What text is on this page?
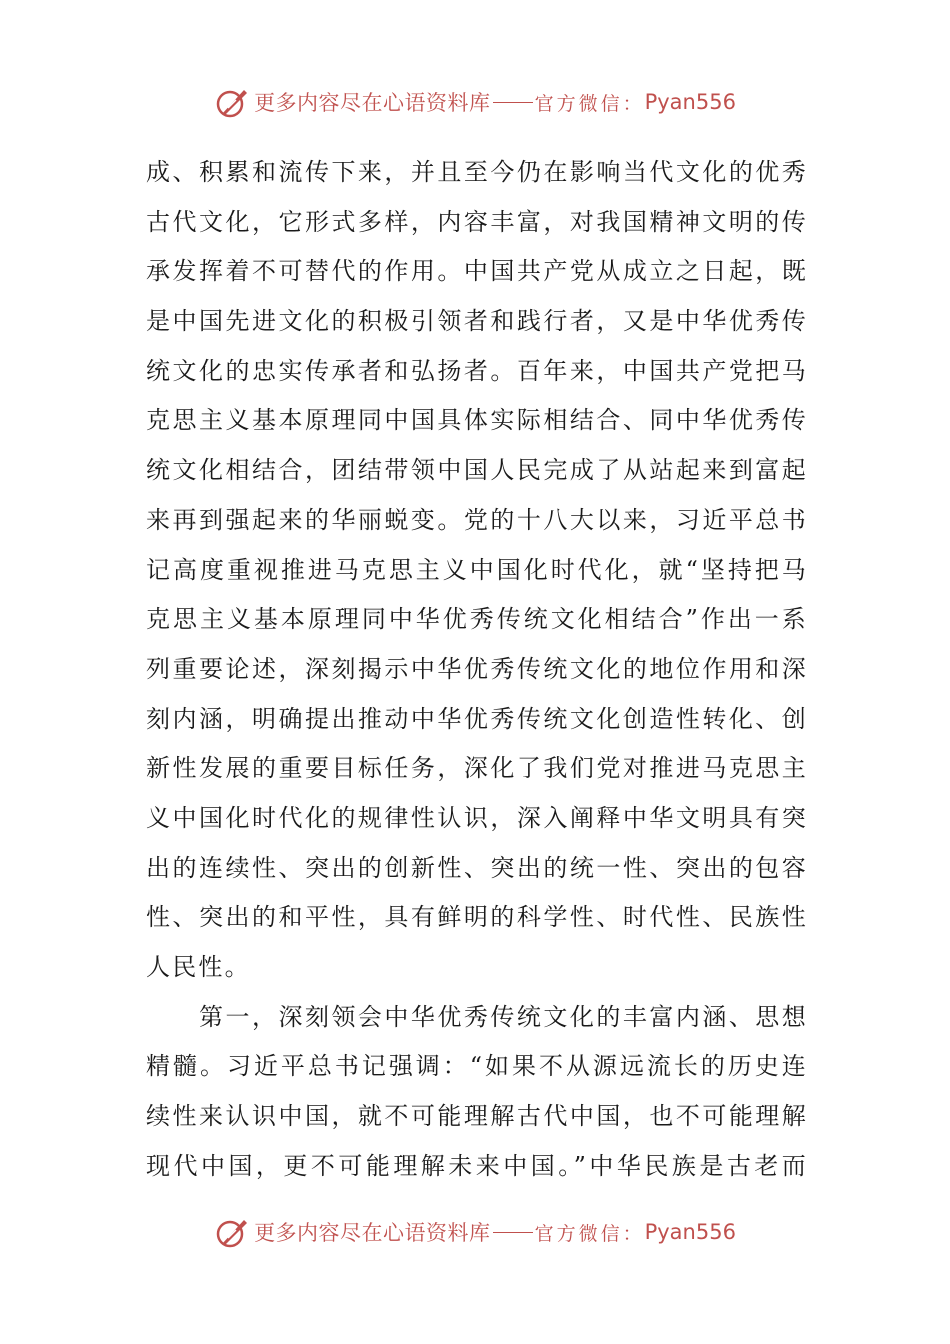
更多内容尽在心语资料库 官方微信： Pyan556
成、积累和流传下来，并且至今仍在影响当代文化的优秀
古代文化，它形式多样，内容丰富，对我国精神文明的传
承发挥着不可替代的作用。中国共产党从成立之日起，既
是中国先进文化的积极引领者和践行者，又是中华优秀传
统文化的忠实传承者和弘扬者。百年来，中国共产党把马
克思主义基本原理同中国具体实际相结合、同中华优秀传
统文化相结合，团结带领中国人民完成了从站起来到富起
来再到强起来的华丽蜕变。党的十八大以来，习近平总书
记高度重视推进马克思主义中国化时代化，就“坚持把马
克思主义基本原理同中华优秀传统文化相结合”作出一系
列重要论述，深刻揭示中华优秀传统文化的地位作用和深
刻内涵，明确提出推动中华优秀传统文化创造性转化、创
新性发展的重要目标任务，深化了我们党对推进马克思主
义中国化时代化的规律性认识，深入阐释中华文明具有突
出的连续性、突出的创新性、突出的统一性、突出的包容
性、突出的和平性，具有鲜明的科学性、时代性、民族性
人民性。
　　第一，深刻领会中华优秀传统文化的丰富内涵、思想
精髓。习近平总书记强调：“如果不从源远流长的历史连
续性来认识中国，就不可能理解古代中国，也不可能理解
现代中国，更不可能理解未来中国。”中华民族是古老而
更多内容尽在心语资料库 官方微信： Pyan556
